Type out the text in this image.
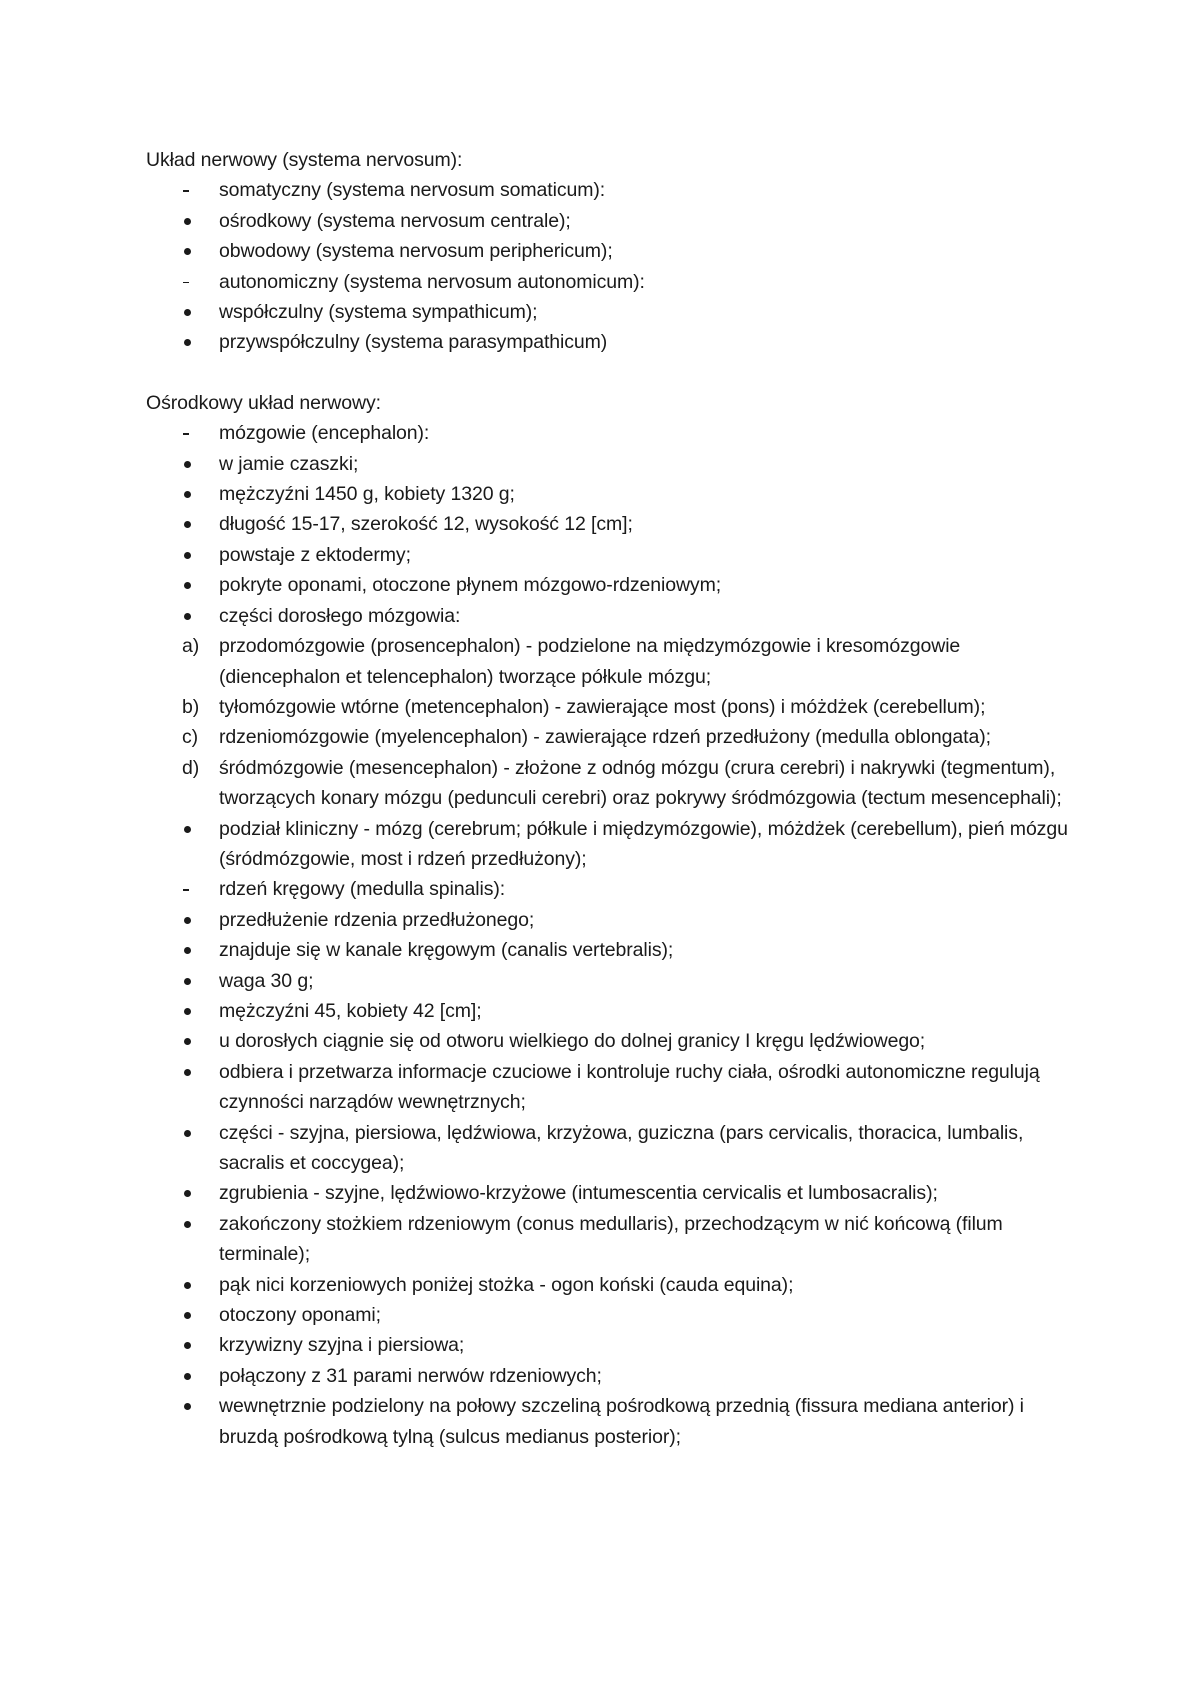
Układ nerwowy (systema nervosum):

somatyczny (systema nervosum somaticum):
ośrodkowy (systema nervosum centrale);
obwodowy (systema nervosum periphericum);
autonomiczny (systema nervosum autonomicum):
współczulny (systema sympathicum);
przywspółczulny (systema parasympathicum)

Ośrodkowy układ nerwowy:

mózgowie (encephalon):
w jamie czaszki;
mężczyźni 1450 g, kobiety 1320 g;
długość 15-17, szerokość 12, wysokość 12 [cm];
powstaje z ektodermy;
pokryte oponami, otoczone płynem mózgowo-rdzeniowym;
części dorosłego mózgowia:
a)	przodomózgowie (prosencephalon) - podzielone na międzymózgowie i kresomózgowie (diencephalon et telencephalon) tworzące półkule mózgu;
b)	tyłomózgowie wtórne (metencephalon) - zawierające most (pons) i móżdżek (cerebellum);
c)	rdzeniomózgowie (myelencephalon) - zawierające rdzeń przedłużony (medulla oblongata);
d)	śródmózgowie (mesencephalon) - złożone z odnóg mózgu (crura cerebri) i nakrywki (tegmentum), tworzących konary mózgu (pedunculi cerebri) oraz pokrywy śródmózgowia (tectum mesencephali);
podział kliniczny - mózg (cerebrum; półkule i międzymózgowie), móżdżek (cerebellum), pień mózgu (śródmózgowie, most i rdzeń przedłużony);
rdzeń kręgowy (medulla spinalis):
przedłużenie rdzenia przedłużonego;
znajduje się w kanale kręgowym (canalis vertebralis);
waga 30 g;
mężczyźni 45, kobiety 42 [cm];
u dorosłych ciągnie się od otworu wielkiego do dolnej granicy I kręgu lędźwiowego;
odbiera i przetwarza informacje czuciowe i kontroluje ruchy ciała, ośrodki autonomiczne regulują czynności narządów wewnętrznych;
części - szyjna, piersiowa, lędźwiowa, krzyżowa, guziczna (pars cervicalis, thoracica, lumbalis, sacralis et coccygea);
zgrubienia - szyjne, lędźwiowo-krzyżowe (intumescentia cervicalis et lumbosacralis);
zakończony stożkiem rdzeniowym (conus medullaris), przechodzącym w nić końcową (filum terminale);
pąk nici korzeniowych poniżej stożka - ogon koński (cauda equina);
otoczony oponami;
krzywizny szyjna i piersiowa;
połączony z 31 parami nerwów rdzeniowych;
wewnętrznie podzielony na połowy szczeliną pośrodkową przednią (fissura mediana anterior) i bruzdą pośrodkową tylną (sulcus medianus posterior);
